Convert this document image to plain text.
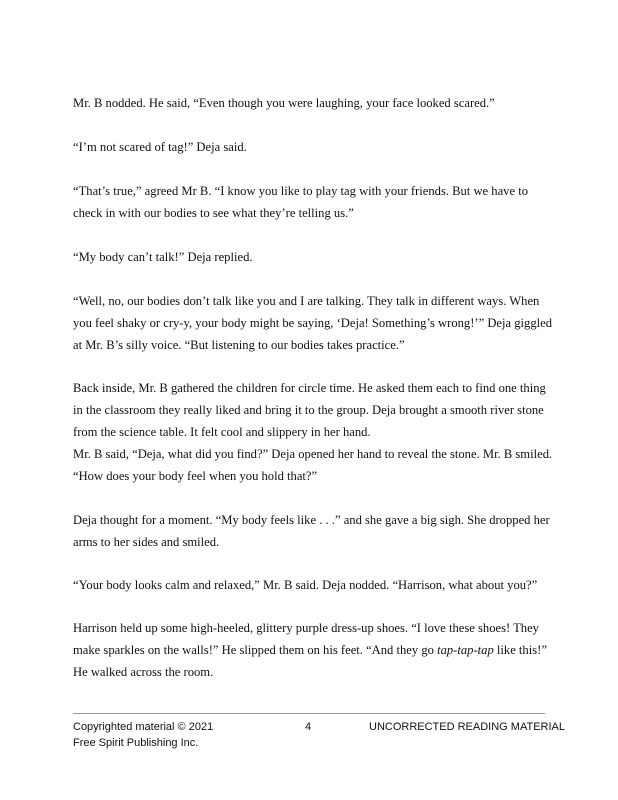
Mr. B nodded. He said, “Even though you were laughing, your face looked scared.”

“I’m not scared of tag!” Deja said.

“That’s true,” agreed Mr B. “I know you like to play tag with your friends. But we have to check in with our bodies to see what they’re telling us.”

“My body can’t talk!” Deja replied.

“Well, no, our bodies don’t talk like you and I are talking. They talk in different ways. When you feel shaky or cry-y, your body might be saying, ‘Deja! Something’s wrong!’” Deja giggled at Mr. B’s silly voice. “But listening to our bodies takes practice.”

Back inside, Mr. B gathered the children for circle time. He asked them each to find one thing in the classroom they really liked and bring it to the group. Deja brought a smooth river stone from the science table. It felt cool and slippery in her hand.

Mr. B said, “Deja, what did you find?” Deja opened her hand to reveal the stone. Mr. B smiled. “How does your body feel when you hold that?”

Deja thought for a moment. “My body feels like . . .” and she gave a big sigh. She dropped her arms to her sides and smiled.

“Your body looks calm and relaxed,” Mr. B said. Deja nodded. “Harrison, what about you?”

Harrison held up some high-heeled, glittery purple dress-up shoes. “I love these shoes! They make sparkles on the walls!” He slipped them on his feet. “And they go tap-tap-tap like this!” He walked across the room.

Copyrighted material © 2021
Free Spirit Publishing Inc.
4	UNCORRECTED READING MATERIAL
